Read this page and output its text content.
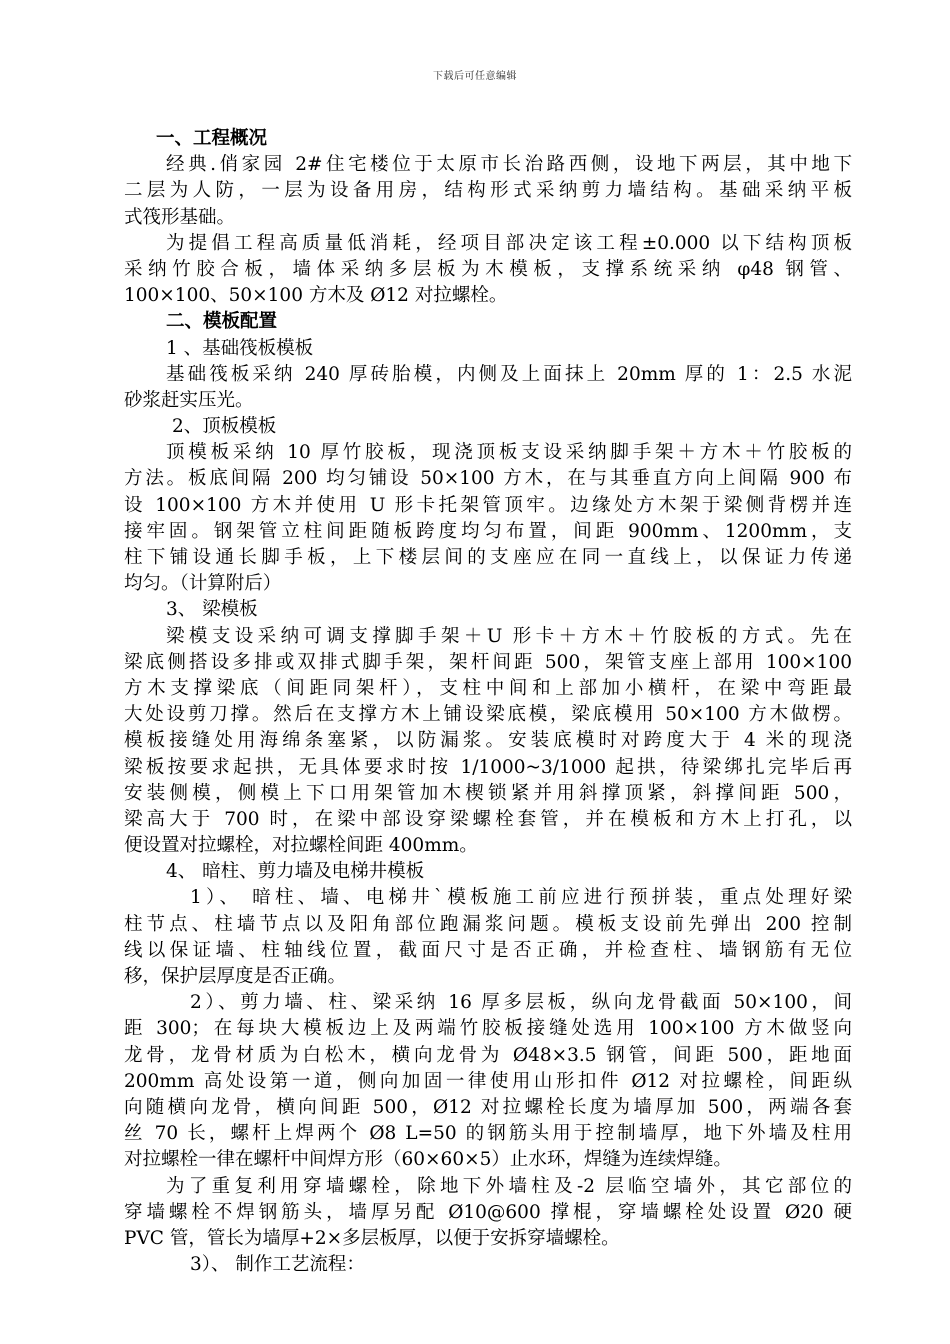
下载后可任意编辑
一、工程概况
经典.俏家园 2#住宅楼位于太原市长治路西侧，设地下两层，其中地下
二层为人防，一层为设备用房，结构形式采纳剪力墙结构。基础采纳平板
式筏形基础。
为提倡工程高质量低消耗，经项目部决定该工程±0.000 以下结构顶板
采纳竹胶合板，墙体采纳多层板为木模板，支撑系统采纳 φ48 钢管、
100×100、50×100 方木及 Ø12 对拉螺栓。
二、模板配置
1 、基础筏板模板
基础筏板采纳 240 厚砖胎模，内侧及上面抹上 20mm 厚的 1：2.5 水泥
砂浆赶实压光。
2、顶板模板
顶模板采纳 10 厚竹胶板，现浇顶板支设采纳脚手架＋方木＋竹胶板的
方法。板底间隔 200 均匀铺设 50×100 方木，在与其垂直方向上间隔 900 布
设 100×100 方木并使用 U 形卡托架管顶牢。边缘处方木架于梁侧背楞并连
接牢固。钢架管立柱间距随板跨度均匀布置，间距 900mm、1200mm，支
柱下铺设通长脚手板，上下楼层间的支座应在同一直线上，以保证力传递
均匀。（计算附后）
3、 梁模板
梁模支设采纳可调支撑脚手架＋U 形卡＋方木＋竹胶板的方式。先在
梁底侧搭设多排或双排式脚手架，架杆间距 500，架管支座上部用 100×100
方木支撑梁底（间距同架杆），支柱中间和上部加小横杆，在梁中弯距最
大处设剪刀撑。然后在支撑方木上铺设梁底模，梁底模用 50×100 方木做楞。
模板接缝处用海绵条塞紧，以防漏浆。安装底模时对跨度大于 4 米的现浇
梁板按要求起拱，无具体要求时按 1/1000~3/1000 起拱，待梁绑扎完毕后再
安装侧模，侧模上下口用架管加木楔锁紧并用斜撑顶紧，斜撑间距 500，
梁高大于 700 时，在梁中部设穿梁螺栓套管，并在模板和方木上打孔，以
便设置对拉螺栓，对拉螺栓间距 400mm。
4、 暗柱、剪力墙及电梯井模板
1）、 暗柱、墙、电梯井`模板施工前应进行预拼装，重点处理好梁
柱节点、柱墙节点以及阳角部位跑漏浆问题。模板支设前先弹出 200 控制
线以保证墙、柱轴线位置，截面尺寸是否正确，并检查柱、墙钢筋有无位
移，保护层厚度是否正确。
2）、剪力墙、柱、梁采纳 16 厚多层板，纵向龙骨截面 50×100，间
距 300；在每块大模板边上及两端竹胶板接缝处选用 100×100 方木做竖向
龙骨，龙骨材质为白松木，横向龙骨为 Ø48×3.5 钢管，间距 500，距地面
200mm 高处设第一道，侧向加固一律使用山形扣件 Ø12 对拉螺栓，间距纵
向随横向龙骨，横向间距 500，Ø12 对拉螺栓长度为墙厚加 500，两端各套
丝 70 长，螺杆上焊两个 Ø8 L=50 的钢筋头用于控制墙厚，地下外墙及柱用
对拉螺栓一律在螺杆中间焊方形（60×60×5）止水环，焊缝为连续焊缝。
为了重复利用穿墙螺栓，除地下外墙柱及-2 层临空墙外，其它部位的
穿墙螺栓不焊钢筋头，墙厚另配 Ø10@600 撑棍，穿墙螺栓处设置 Ø20 硬
PVC 管，管长为墙厚+2×多层板厚，以便于安拆穿墙螺栓。
3）、 制作工艺流程：
